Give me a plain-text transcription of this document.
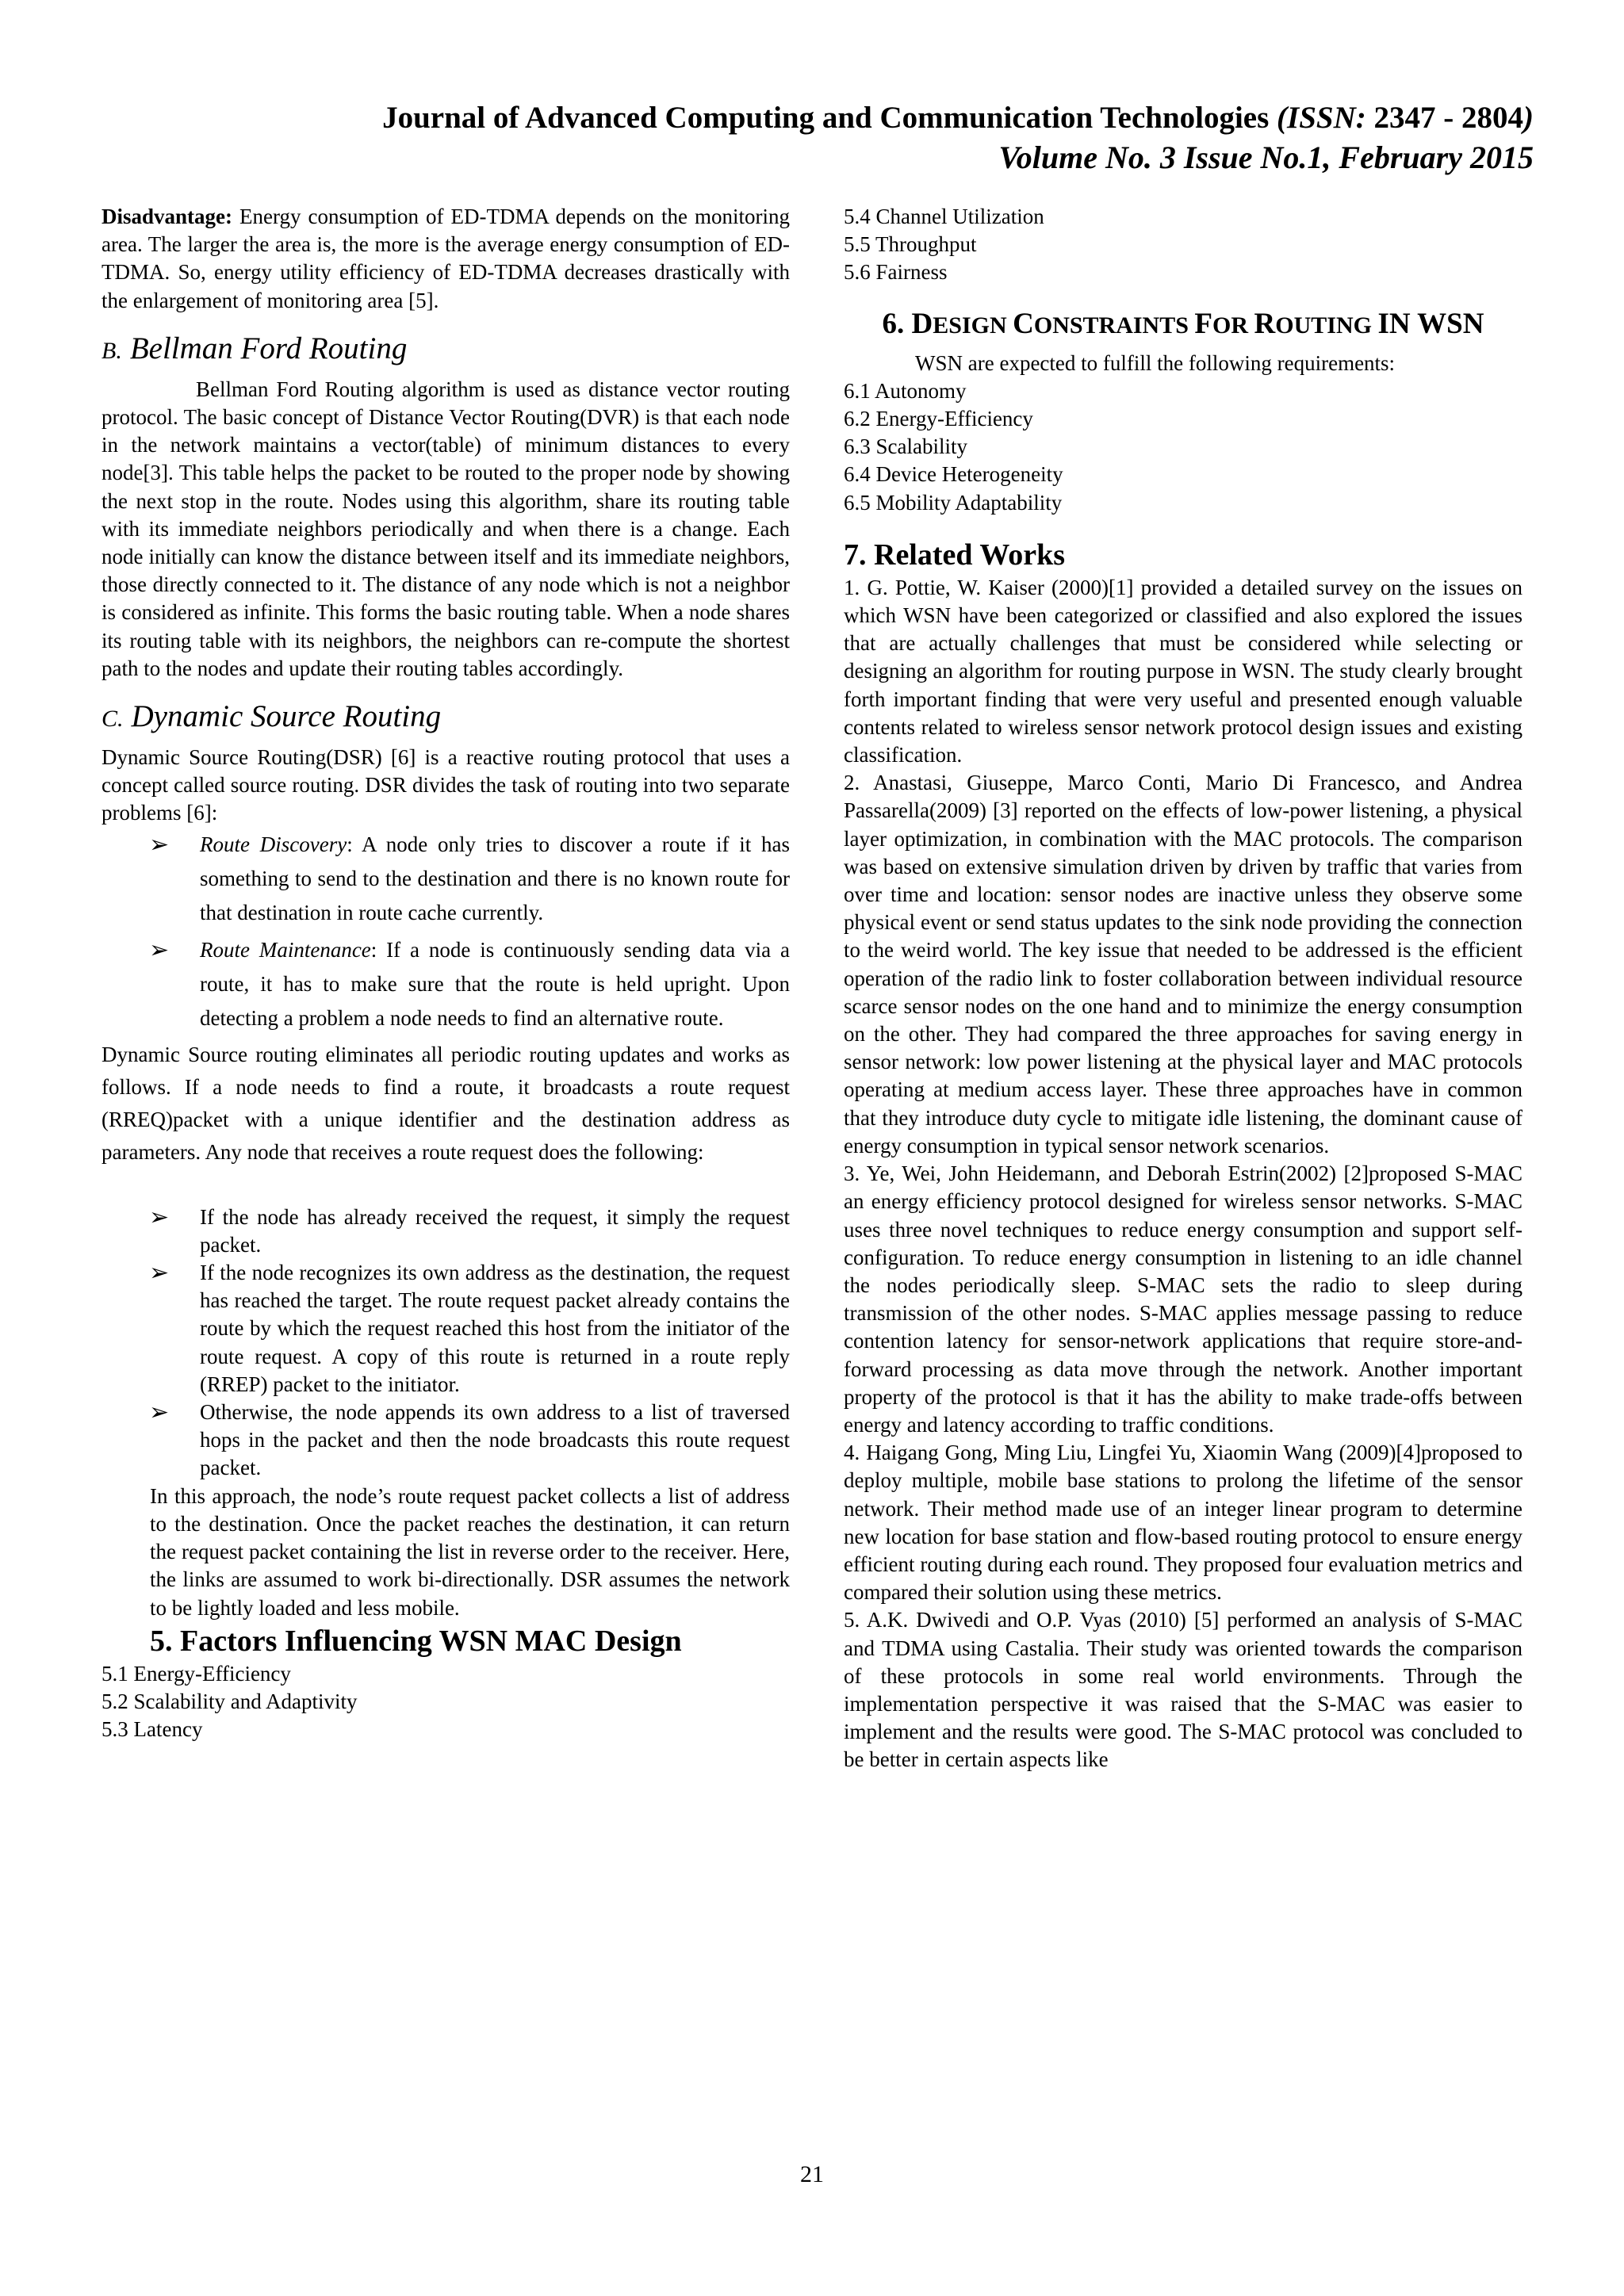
Journal of Advanced Computing and Communication Technologies (ISSN: 2347 - 2804)
Volume No. 3 Issue No.1, February 2015

Disadvantage: Energy consumption of ED-TDMA depends on the monitoring area. The larger the area is, the more is the average energy consumption of ED-TDMA. So, energy utility efficiency of ED-TDMA decreases drastically with the enlargement of monitoring area [5].

B. Bellman Ford Routing

Bellman Ford Routing algorithm is used as distance vector routing protocol. The basic concept of Distance Vector Routing(DVR) is that each node in the network maintains a vector(table) of minimum distances to every node[3]. This table helps the packet to be routed to the proper node by showing the next stop in the route. Nodes using this algorithm, share its routing table with its immediate neighbors periodically and when there is a change. Each node initially can know the distance between itself and its immediate neighbors, those directly connected to it. The distance of any node which is not a neighbor is considered as infinite. This forms the basic routing table. When a node shares its routing table with its neighbors, the neighbors can re-compute the shortest path to the nodes and update their routing tables accordingly.

C. Dynamic Source Routing

Dynamic Source Routing(DSR) [6] is a reactive routing protocol that uses a concept called source routing. DSR divides the task of routing into two separate problems [6]:

➢ Route Discovery: A node only tries to discover a route if it has something to send to the destination and there is no known route for that destination in route cache currently.
➢ Route Maintenance: If a node is continuously sending data via a route, it has to make sure that the route is held upright. Upon detecting a problem a node needs to find an alternative route.

Dynamic Source routing eliminates all periodic routing updates and works as follows. If a node needs to find a route, it broadcasts a route request (RREQ)packet with a unique identifier and the destination address as parameters. Any node that receives a route request does the following:

➢ If the node has already received the request, it simply the request packet.
➢ If the node recognizes its own address as the destination, the request has reached the target. The route request packet already contains the route by which the request reached this host from the initiator of the route request. A copy of this route is returned in a route reply (RREP) packet to the initiator.
➢ Otherwise, the node appends its own address to a list of traversed hops in the packet and then the node broadcasts this route request packet.

In this approach, the node’s route request packet collects a list of address to the destination. Once the packet reaches the destination, it can return the request packet containing the list in reverse order to the receiver. Here, the links are assumed to work bi-directionally. DSR assumes the network to be lightly loaded and less mobile.

5. Factors Influencing WSN MAC Design
5.1 Energy-Efficiency
5.2 Scalability and Adaptivity
5.3 Latency
5.4 Channel Utilization
5.5 Throughput
5.6 Fairness
6. DESIGN CONSTRAINTS FOR ROUTING IN WSN

WSN are expected to fulfill the following requirements:

6.1 Autonomy
6.2 Energy-Efficiency
6.3 Scalability
6.4 Device Heterogeneity
6.5 Mobility Adaptability
7. Related Works

1. G. Pottie, W. Kaiser (2000)[1] provided a detailed survey on the issues on which WSN have been categorized or classified and also explored the issues that are actually challenges that must be considered while selecting or designing an algorithm for routing purpose in WSN. The study clearly brought forth important finding that were very useful and presented enough valuable contents related to wireless sensor network protocol design issues and existing classification.

2. Anastasi, Giuseppe, Marco Conti, Mario Di Francesco, and Andrea Passarella(2009) [3] reported on the effects of low-power listening, a physical layer optimization, in combination with the MAC protocols. The comparison was based on extensive simulation driven by driven by traffic that varies from over time and location: sensor nodes are inactive unless they observe some physical event or send status updates to the sink node providing the connection to the weird world. The key issue that needed to be addressed is the efficient operation of the radio link to foster collaboration between individual resource scarce sensor nodes on the one hand and to minimize the energy consumption on the other. They had compared the three approaches for saving energy in sensor network: low power listening at the physical layer and MAC protocols operating at medium access layer. These three approaches have in common that they introduce duty cycle to mitigate idle listening, the dominant cause of energy consumption in typical sensor network scenarios.

3. Ye, Wei, John Heidemann, and Deborah Estrin(2002) [2]proposed S-MAC an energy efficiency protocol designed for wireless sensor networks. S-MAC uses three novel techniques to reduce energy consumption and support self-configuration. To reduce energy consumption in listening to an idle channel the nodes periodically sleep. S-MAC sets the radio to sleep during transmission of the other nodes. S-MAC applies message passing to reduce contention latency for sensor-network applications that require store-and-forward processing as data move through the network. Another important property of the protocol is that it has the ability to make trade-offs between energy and latency according to traffic conditions.

4. Haigang Gong, Ming Liu, Lingfei Yu, Xiaomin Wang (2009)[4]proposed to deploy multiple, mobile base stations to prolong the lifetime of the sensor network. Their method made use of an integer linear program to determine new location for base station and flow-based routing protocol to ensure energy efficient routing during each round. They proposed four evaluation metrics and compared their solution using these metrics.

5. A.K. Dwivedi and O.P. Vyas (2010) [5] performed an analysis of S-MAC and TDMA using Castalia. Their study was oriented towards the comparison of these protocols in some real world environments. Through the implementation perspective it was raised that the S-MAC was easier to implement and the results were good. The S-MAC protocol was concluded to be better in certain aspects like

21
